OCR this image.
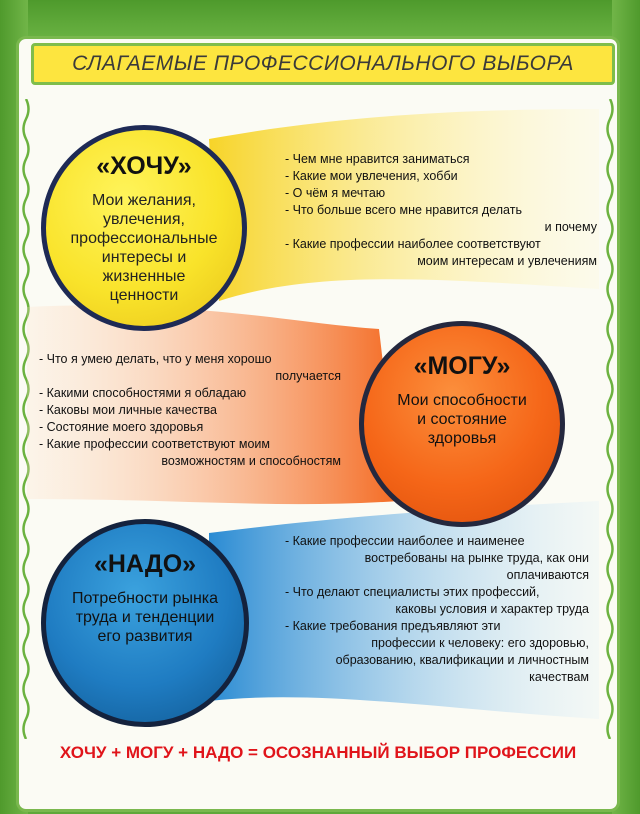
СЛАГАЕМЫЕ ПРОФЕССИОНАЛЬНОГО ВЫБОРА
«ХОЧУ»
Мои желания,
увлечения,
профессиональные
интересы и
жизненные
ценности
- Чем мне нравится заниматься
- Какие мои увлечения, хобби
- О чём я мечтаю
- Что больше всего мне нравится делать
и почему
- Какие профессии наиболее соответствуют
моим интересам и увлечениям
«МОГУ»
Мои способности
и состояние
здоровья
- Что я умею делать, что у меня хорошо
получается
- Какими способностями я обладаю
- Каковы мои личные качества
- Состояние моего здоровья
- Какие профессии соответствуют моим
возможностям и способностям
«НАДО»
Потребности рынка
труда и тенденции
его развития
- Какие профессии наиболее и наименее
востребованы на рынке труда, как они
оплачиваются
- Что делают специалисты этих профессий,
каковы условия и характер труда
- Какие требования предъявляют эти
профессии к человеку: его здоровью,
образованию, квалификации и личностным
качествам
ХОЧУ + МОГУ + НАДО = ОСОЗНАННЫЙ ВЫБОР ПРОФЕССИИ
